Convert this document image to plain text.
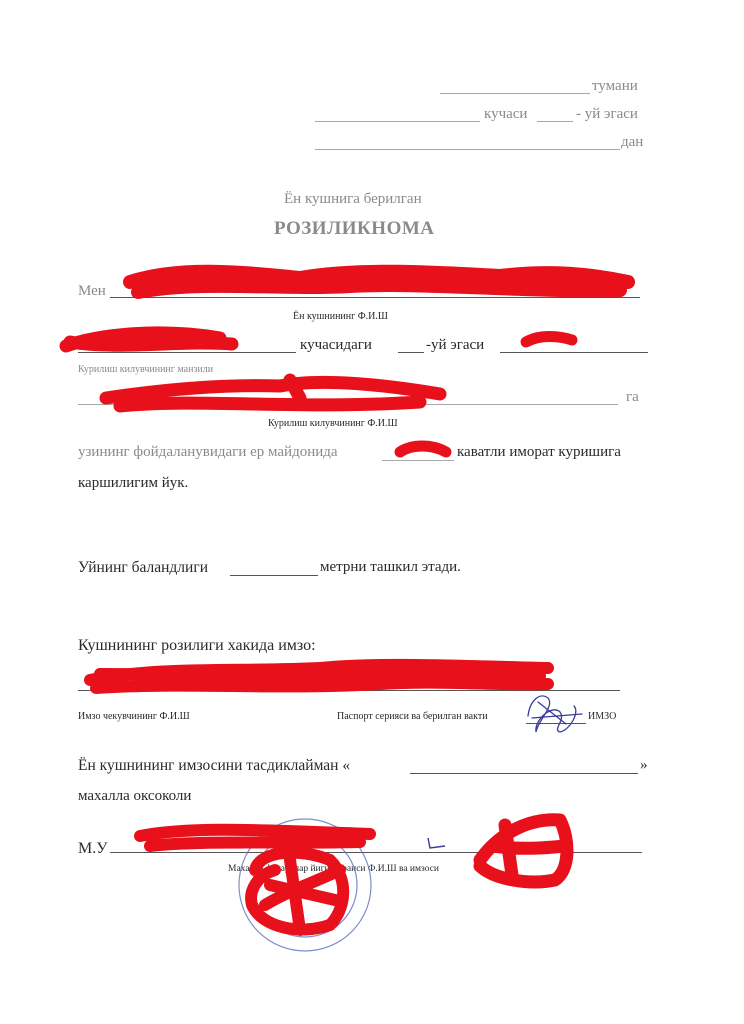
тумани
кучаси	- уй эгаси
дан
Ён кушнига берилган
РОЗИЛИКНОМА
Мен
Ён кушнининг Ф.И.Ш
кучасидаги	-уй эгаси
Курилиш килувчининг манзили
га
Курилиш килувчининг Ф.И.Ш
узининг фойдаланувидаги ер майдонида	каватли иморат куришига
каршилигим йук.
Уйнинг баландлиги	метрни ташкил этади.
Кушнининг розилиги хакида имзо:
Имзо чекувчининг Ф.И.Ш	Паспорт серияси ва берилган вакти	ИМЗО
Ён кушнининг имзосини тасдиклайман «	»
махалла оксоколи
М.У
Махалла фукаролар йигини раиси Ф.И.Ш ва имзоси
